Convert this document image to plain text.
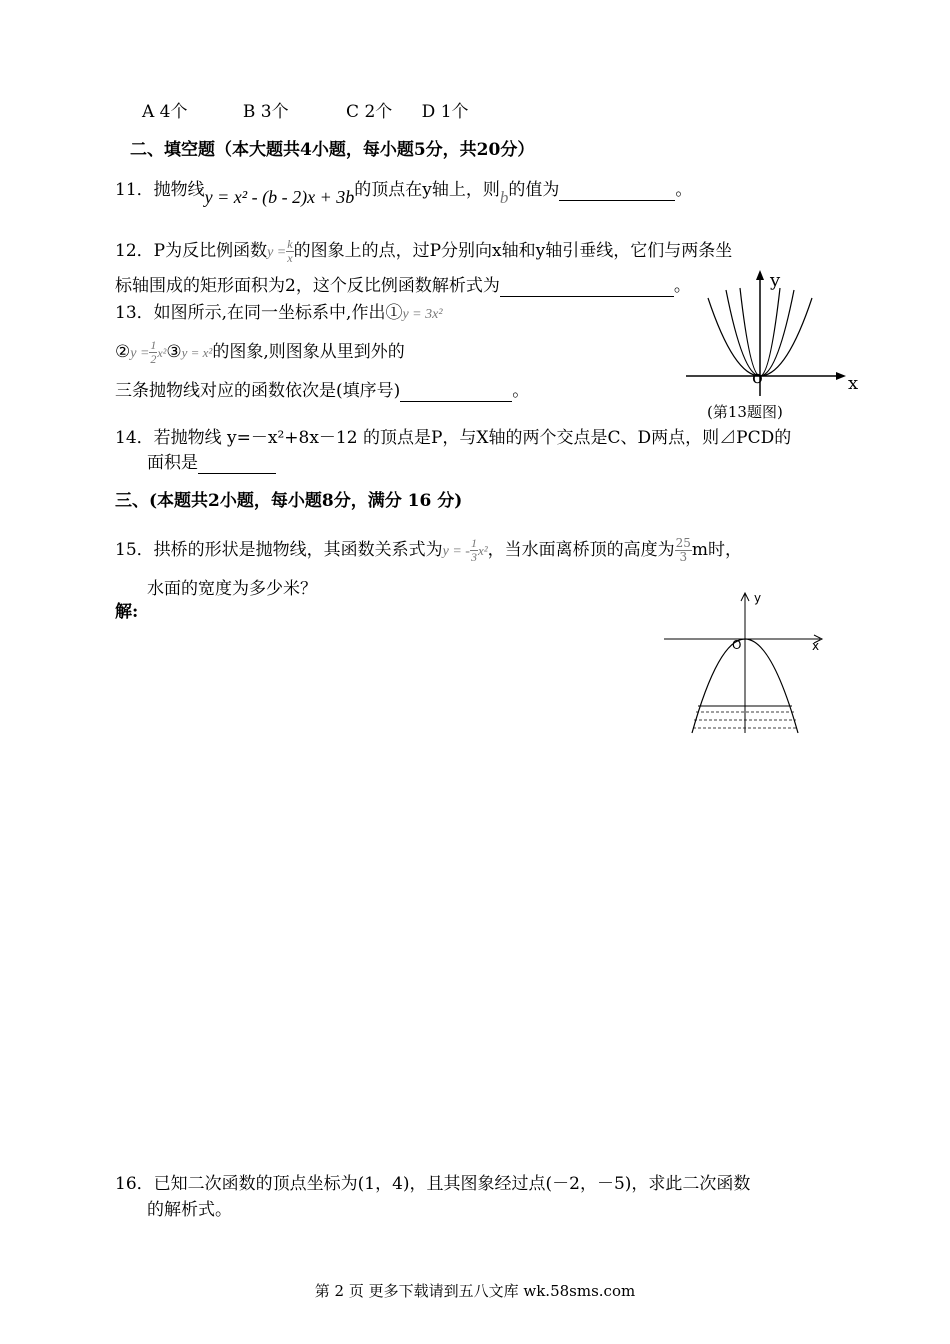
A 4个	B 3个	C 2个 D 1个
二、填空题（本大题共4小题，每小题5分，共20分）
11．抛物线y = x² - (b - 2)x + 3b的顶点在y轴上，则b的值为	。
12．P为反比例函数$y = \frac{k}{x}$ 的图象上的点，过P分别向x轴和y轴引垂线，它们与两条坐
标轴围成的矩形面积为2，这个反比例函数解析式为	。
13．如图所示,在同一坐标系中,作出①y = 3x²
②y = $\frac{1}{2}$ x²③y = x²的图象,则图象从里到外的
三条抛物线对应的函数依次是(填序号)	。
y
x
o
(第13题图)
14．若抛物线 y=－x²+8x－12 的顶点是P，与X轴的两个交点是C、D两点，则⊿PCD的
面积是
三、(本题共2小题，每小题8分，满分 16 分)
15．拱桥的形状是抛物线，其函数关系式为y = - $\frac{1}{3} x^2$，当水面离桥顶的高度为 $\frac{25}{3}$ m时，
水面的宽度为多少米？
解:
y
x
O
16．已知二次函数的顶点坐标为(1，4)，且其图象经过点(－2，－5)，求此二次函数
的解析式。
第 2 页 更多下载请到五八文库 wk.58sms.com
